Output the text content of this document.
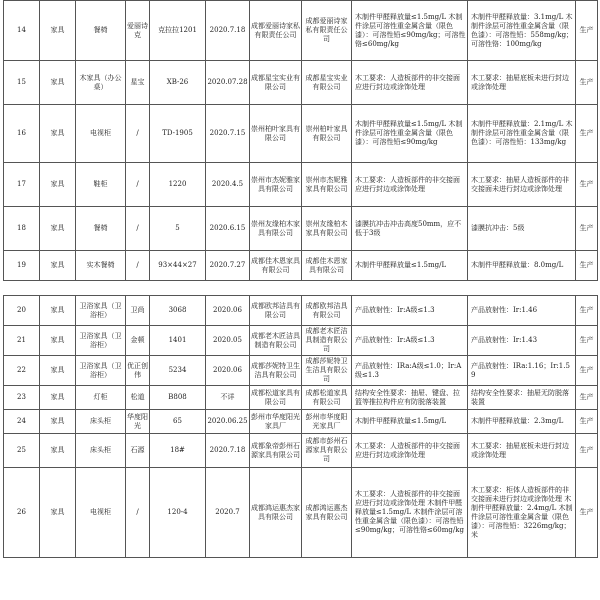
14	家具	餐椅	爱丽诗克	克拉拉1201	2020.7.18	成都爱丽诗家私有限责任公司	成都爱丽诗家私有限责任公司	木制件甲醛释放量≤1.5mg/L 木制件涂层可溶性重金属含量（限色漆）：可溶性铅≤90mg/kg；可溶性铬≤60mg/kg	木制件甲醛释放量：3.1mg/L 木制件涂层可溶性重金属含量（限色漆）：可溶性铅：558mg/kg；可溶性铬：100mg/kg	生产
15	家具	木家具（办公桌）	星宝	XB-26	2020.07.28	成都星宝实业有限公司	成都星宝实业有限公司	木工要求：人造板部件的非交接面应进行封边或涂饰处理	木工要求：抽屉底板未进行封边或涂饰处理	生产
16	家具	电视柜	/	TD-1905	2020.7.15	崇州柏叶家具有限公司	崇州柏叶家具有限公司	木制件甲醛释放量≤1.5mg/L 木制件涂层可溶性重金属含量（限色漆）：可溶性铅≤90mg/kg	木制件甲醛释放量：2.1mg/L 木制件涂层可溶性重金属含量（限色漆）：可溶性铅：133mg/kg	生产
17	家具	鞋柜	/	1220	2020.4.5	崇州市杰妮雅家具有限公司	崇州市杰妮雅家具有限公司	木工要求：人造板部件的非交接面应进行封边或涂饰处理	木工要求：抽屉人造板部件的非交接面未进行封边或涂饰处理	生产
18	家具	餐椅	/	5	2020.6.15	崇州友缘柏木家具有限公司	崇州友缘柏木家具有限公司	漆膜抗冲击冲击高度50mm，应不低于3级	漆膜抗冲击：5级	生产
19	家具	实木餐椅	/	93×44×27	2020.7.27	成都佳木恩家具有限公司	成都佳木恩家具有限公司	木制件甲醛释放量≤1.5mg/L	木制件甲醛释放量：8.0mg/L	生产
20	家具	卫浴家具（卫浴柜）	卫尚	3068	2020.06	成都欧邦洁具有限公司	成都欧邦洁具有限公司	产品放射性：Ir:A级≤1.3	产品放射性：Ir:1.46	生产
21	家具	卫浴家具（卫浴柜）	金顿	1401	2020.05	成都老木匠洁具制造有限公司	成都老木匠洁具制造有限公司	产品放射性：Ir:A级≤1.3	产品放射性：Ir:1.43	生产
22	家具	卫浴家具（卫浴柜）	优正创伟	5234	2020.06	成都莎妮特卫生洁具有限公司	成都莎妮特卫生洁具有限公司	产品放射性：IRa:A级≤1.0；Ir:A级≤1.3	产品放射性：IRa:1.16；Ir:1.59	生产
23	家具	灯柜	松道	B808	不详	成都松道家具有限公司	成都松道家具有限公司	结构安全性要求：抽屉、键盘、拉篮等推拉构件应有防脱落装置	结构安全性要求：抽屉无防脱落装置	生产
24	家具	床头柜	华度阳光	65	2020.06.25	彭州市华度阳光家具厂	彭州市华度阳光家具厂	木制件甲醛释放量≤1.5mg/L	木制件甲醛释放量：2.3mg/L	生产
25	家具	床头柜	石源	18#	2020.7.18	成都象帝彭州石源家具有限公司	成都市彭州石源家具有限公司	木工要求：人造板部件的非交接面应进行封边或涂饰处理	木工要求：抽屉底板未进行封边或涂饰处理	生产
26	家具	电视柜	/	120-4	2020.7	成都鸿运惠杰家具有限公司	成都鸿运惠杰家具有限公司	木工要求：人造板部件的非交接面应进行封边或涂饰处理 木制件甲醛释放量≤1.5mg/L 木制件涂层可溶性重金属含量（限色漆）：可溶性铅≤90mg/kg；可溶性铬≤60mg/kg	木工要求：柜体人造板部件的非交接面未进行封边或涂饰处理 木制件甲醛释放量：2.4mg/L 木制件涂层可溶性重金属含量（限色漆）：可溶性铅：3226mg/kg；米	生产
